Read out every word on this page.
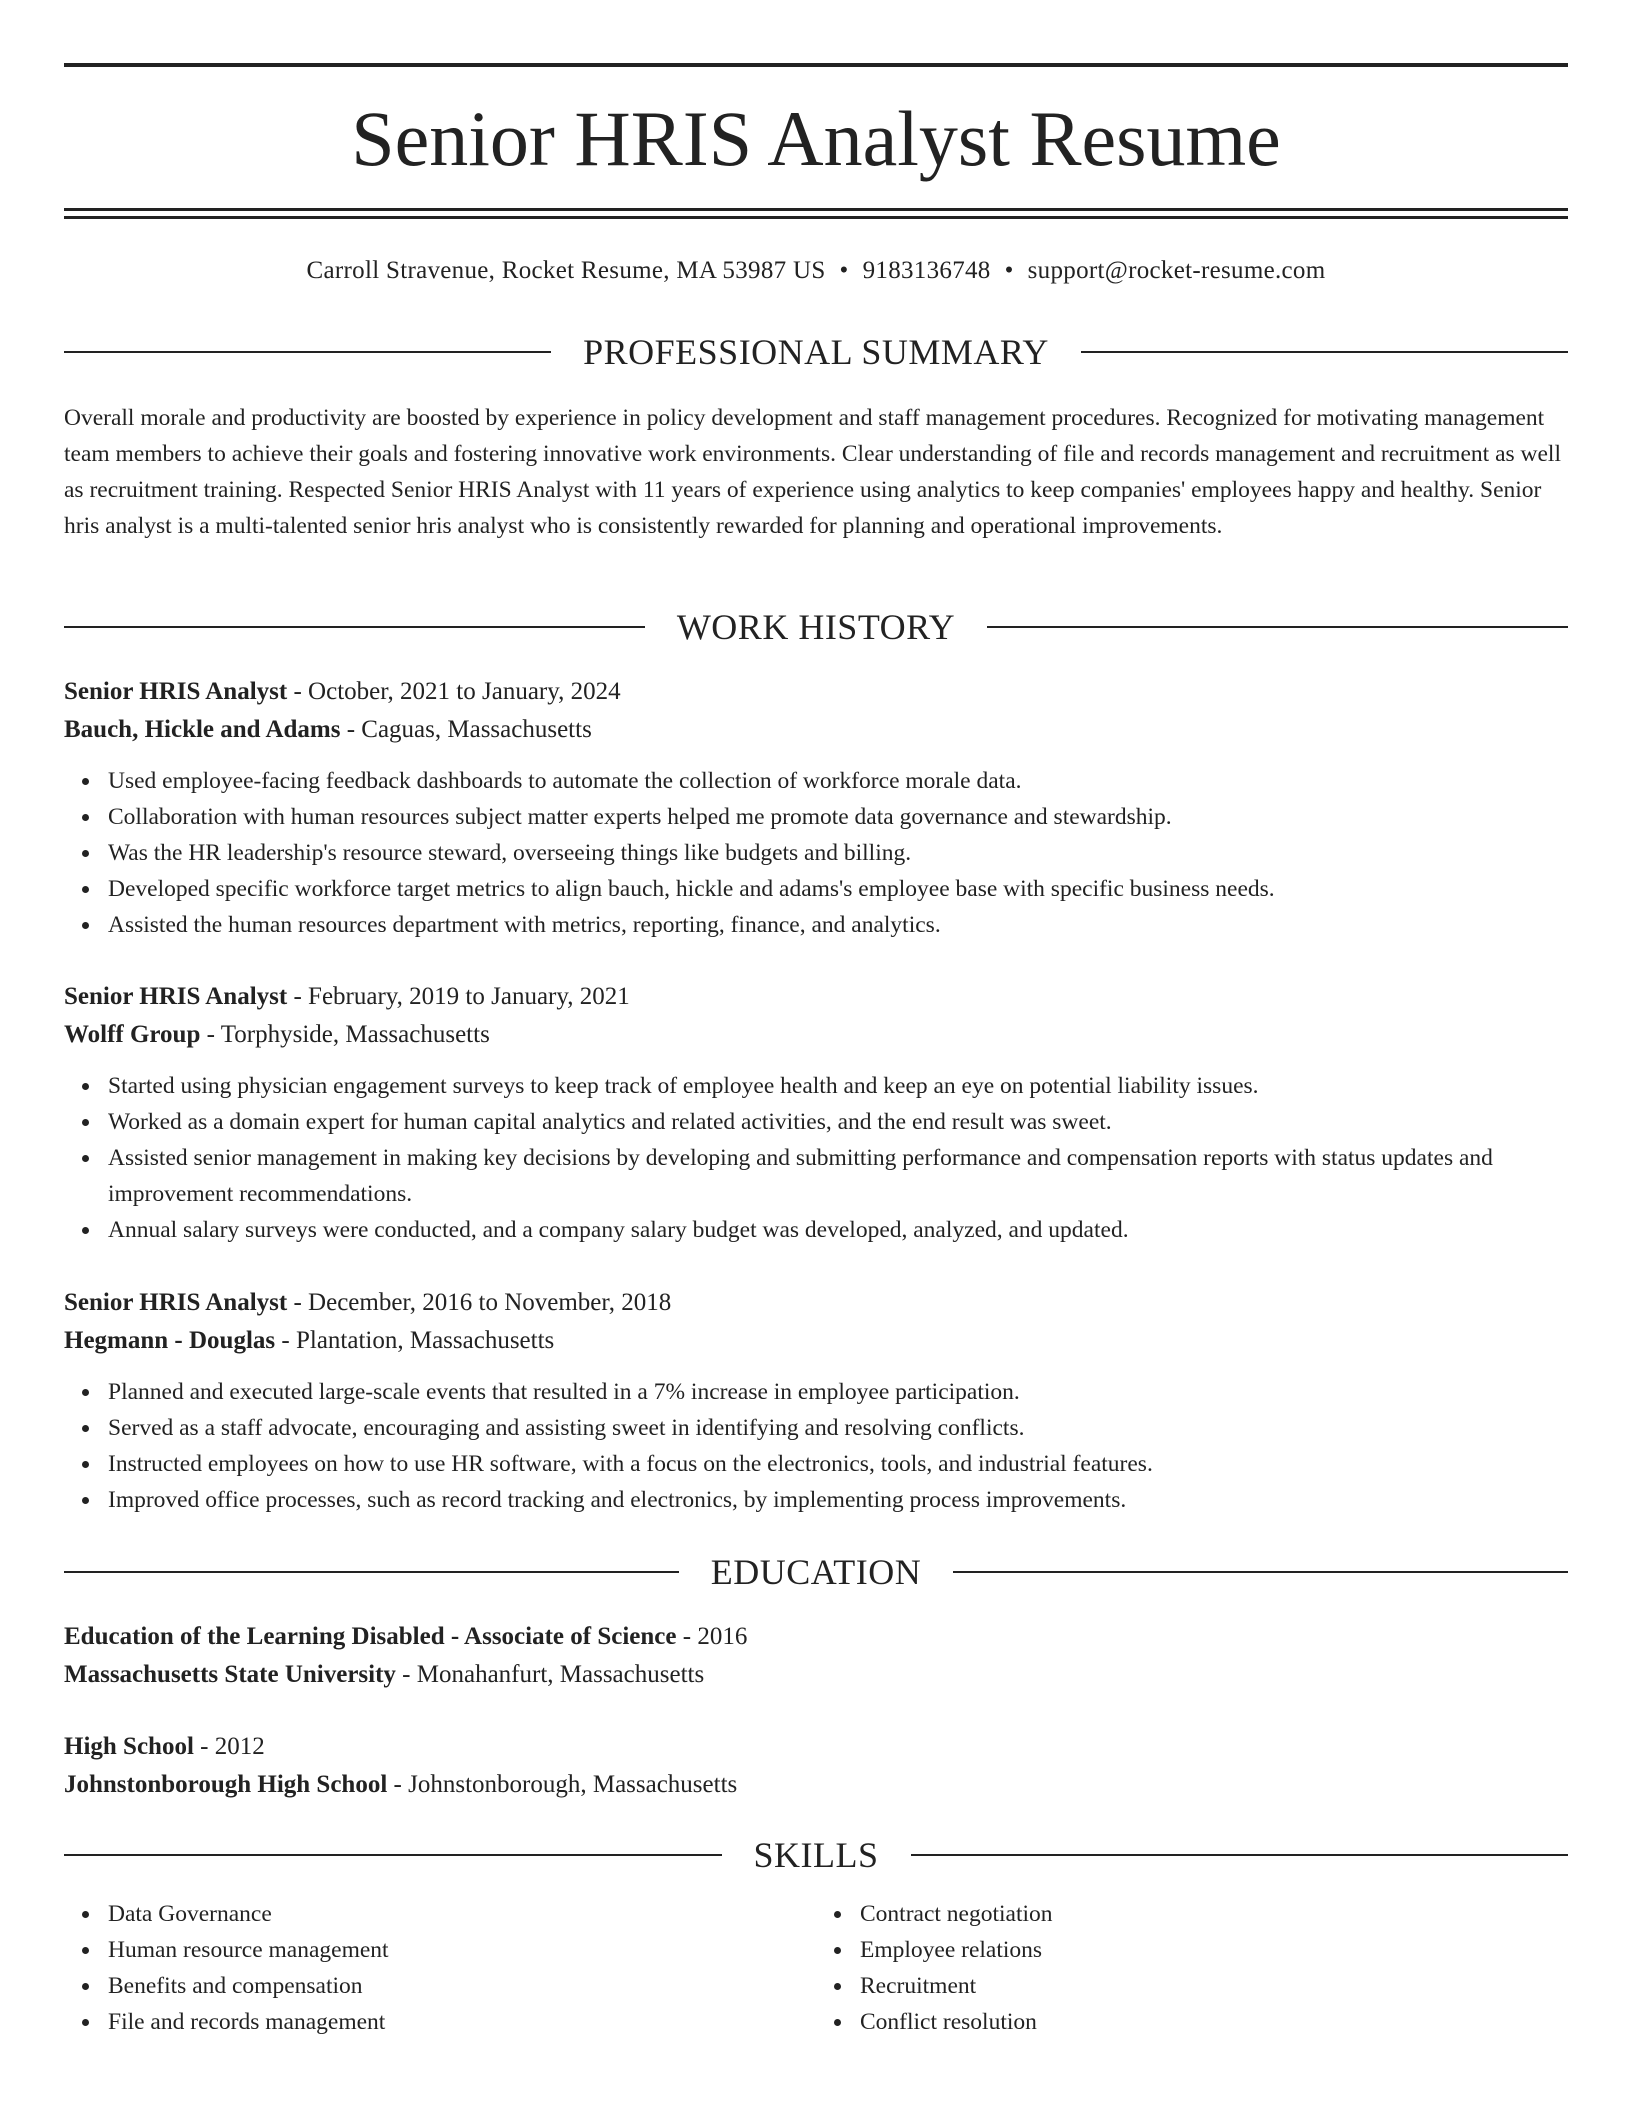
Senior HRIS Analyst Resume
Carroll Stravenue, Rocket Resume, MA 53987 US • 9183136748 • support@rocket-resume.com
PROFESSIONAL SUMMARY

Overall morale and productivity are boosted by experience in policy development and staff management procedures. Recognized for motivating management team members to achieve their goals and fostering innovative work environments. Clear understanding of file and records management and recruitment as well as recruitment training. Respected Senior HRIS Analyst with 11 years of experience using analytics to keep companies' employees happy and healthy. Senior hris analyst is a multi-talented senior hris analyst who is consistently rewarded for planning and operational improvements.

WORK HISTORY

Senior HRIS Analyst - October, 2021 to January, 2024

Bauch, Hickle and Adams - Caguas, Massachusetts

Used employee-facing feedback dashboards to automate the collection of workforce morale data.
Collaboration with human resources subject matter experts helped me promote data governance and stewardship.
Was the HR leadership's resource steward, overseeing things like budgets and billing.
Developed specific workforce target metrics to align bauch, hickle and adams's employee base with specific business needs.
Assisted the human resources department with metrics, reporting, finance, and analytics.

Senior HRIS Analyst - February, 2019 to January, 2021

Wolff Group - Torphyside, Massachusetts

Started using physician engagement surveys to keep track of employee health and keep an eye on potential liability issues.
Worked as a domain expert for human capital analytics and related activities, and the end result was sweet.
Assisted senior management in making key decisions by developing and submitting performance and compensation reports with status updates and improvement recommendations.
Annual salary surveys were conducted, and a company salary budget was developed, analyzed, and updated.

Senior HRIS Analyst - December, 2016 to November, 2018

Hegmann - Douglas - Plantation, Massachusetts

Planned and executed large-scale events that resulted in a 7% increase in employee participation.
Served as a staff advocate, encouraging and assisting sweet in identifying and resolving conflicts.
Instructed employees on how to use HR software, with a focus on the electronics, tools, and industrial features.
Improved office processes, such as record tracking and electronics, by implementing process improvements.
EDUCATION

Education of the Learning Disabled - Associate of Science - 2016

Massachusetts State University - Monahanfurt, Massachusetts

High School - 2012

Johnstonborough High School - Johnstonborough, Massachusetts

SKILLS
Data Governance
Human resource management
Benefits and compensation
File and records management
Contract negotiation
Employee relations
Recruitment
Conflict resolution
